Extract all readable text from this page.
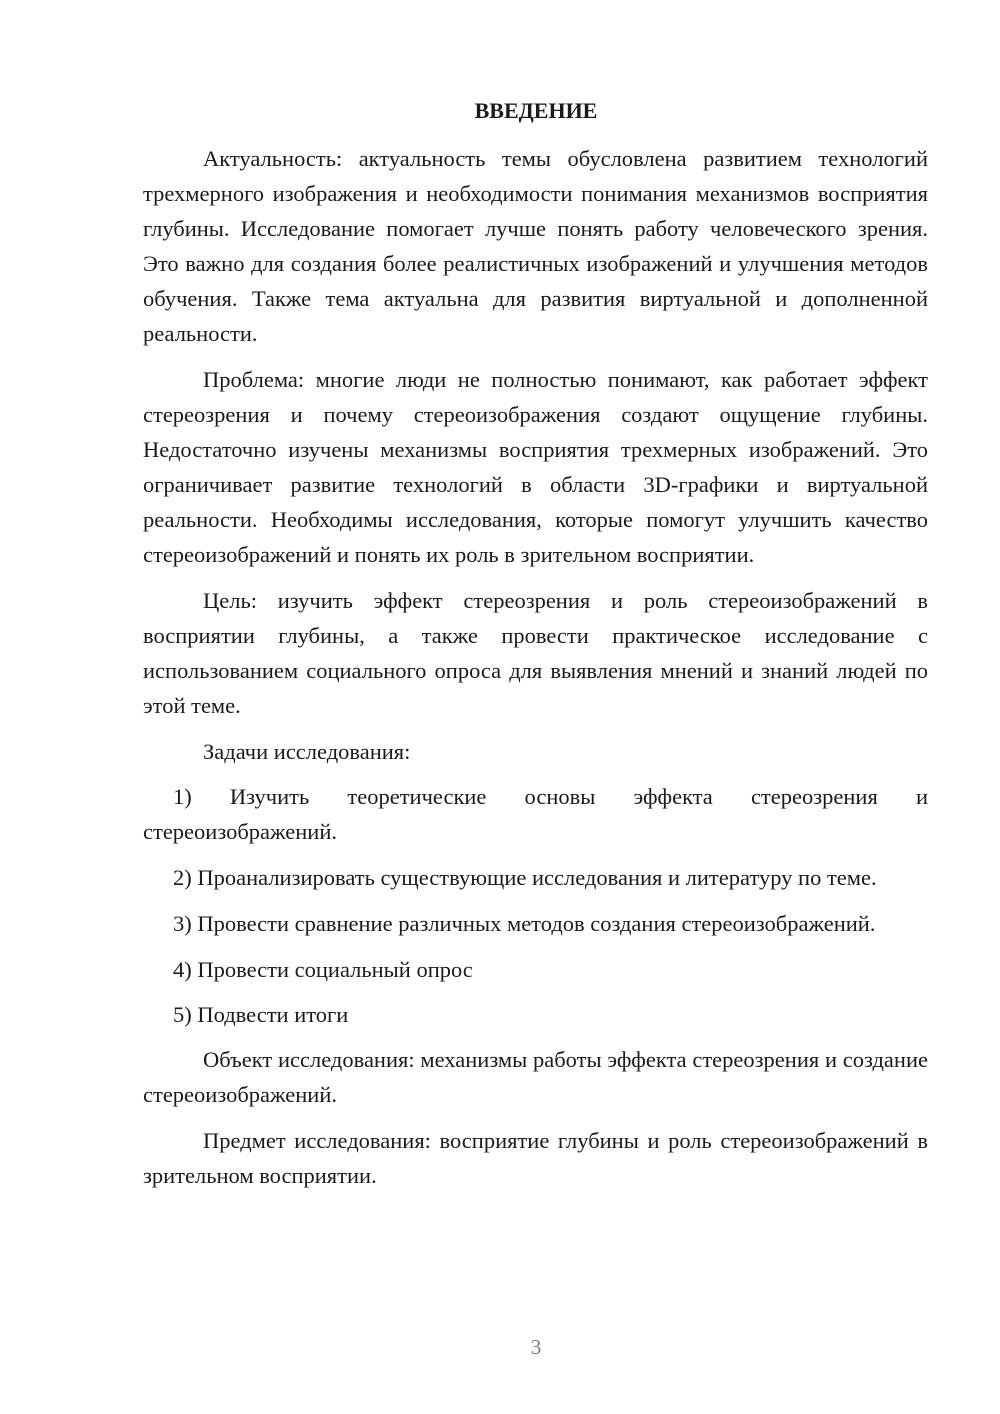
ВВЕДЕНИЕ

Актуальность: актуальность темы обусловлена развитием технологий трехмерного изображения и необходимости понимания механизмов восприятия глубины. Исследование помогает лучше понять работу человеческого зрения. Это важно для создания более реалистичных изображений и улучшения методов обучения. Также тема актуальна для развития виртуальной и дополненной реальности.

Проблема: многие люди не полностью понимают, как работает эффект стереозрения и почему стереоизображения создают ощущение глубины. Недостаточно изучены механизмы восприятия трехмерных изображений. Это ограничивает развитие технологий в области 3D-графики и виртуальной реальности. Необходимы исследования, которые помогут улучшить качество стереоизображений и понять их роль в зрительном восприятии.

Цель: изучить эффект стереозрения и роль стереоизображений в восприятии глубины, а также провести практическое исследование с использованием социального опроса для выявления мнений и знаний людей по этой теме.

Задачи исследования:

1) Изучить теоретические основы эффекта стереозрения и стереоизображений.

2) Проанализировать существующие исследования и литературу по теме.

3) Провести сравнение различных методов создания стереоизображений.

4) Провести социальный опрос

5) Подвести итоги

Объект исследования: механизмы работы эффекта стереозрения и создание стереоизображений.

Предмет исследования: восприятие глубины и роль стереоизображений в зрительном восприятии.

3
